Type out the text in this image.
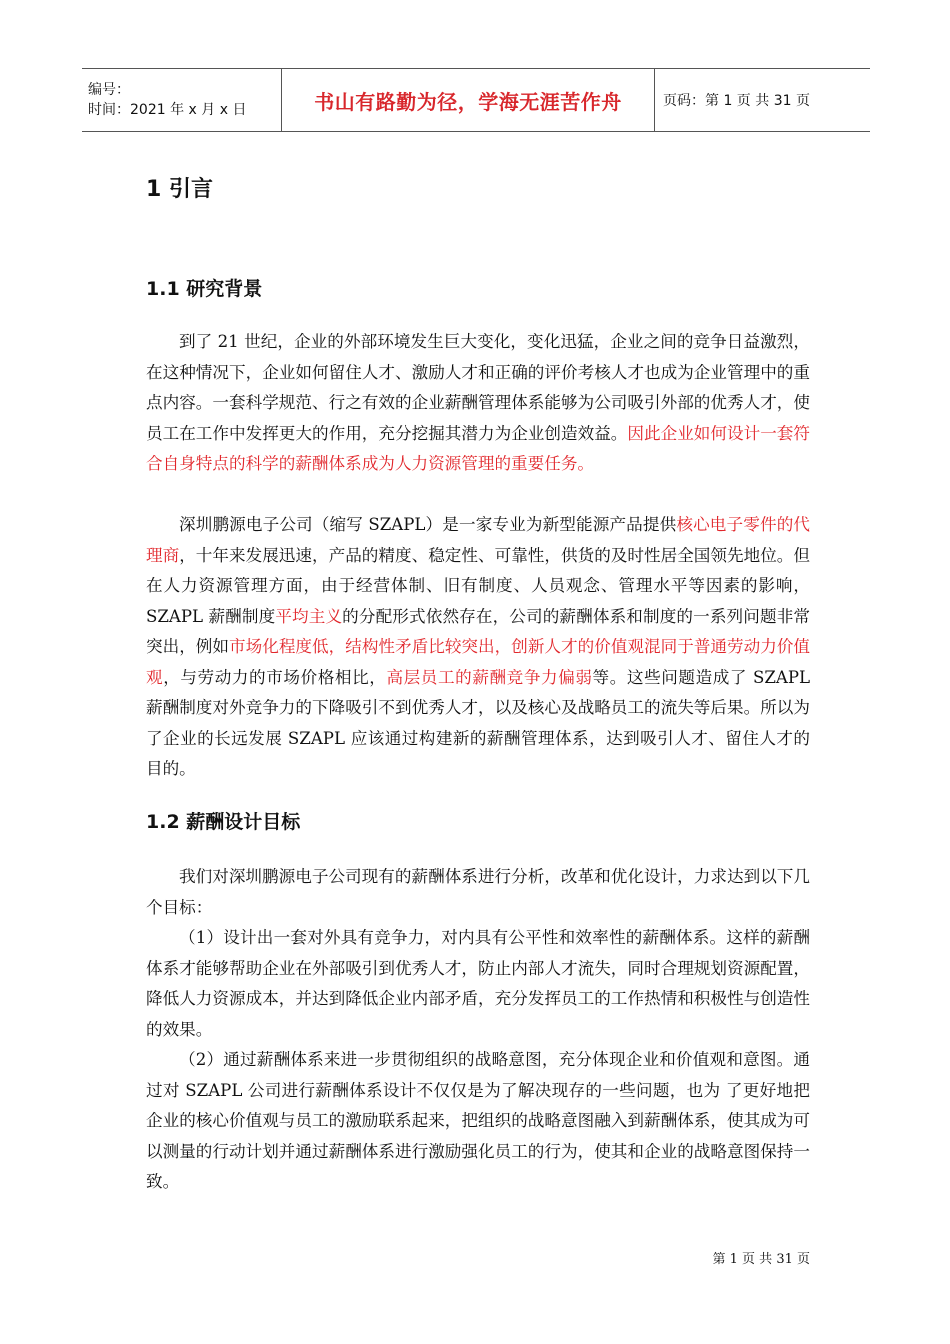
编号：
时间：2021 年 x 月 x 日	书山有路勤为径，学海无涯苦作舟	页码：第 1 页 共 31 页
1 引言
1.1 研究背景

到了 21 世纪，企业的外部环境发生巨大变化，变化迅猛，企业之间的竞争日益激烈，在这种情况下，企业如何留住人才、激励人才和正确的评价考核人才也成为企业管理中的重点内容。一套科学规范、行之有效的企业薪酬管理体系能够为公司吸引外部的优秀人才，使员工在工作中发挥更大的作用，充分挖掘其潜力为企业创造效益。因此企业如何设计一套符合自身特点的科学的薪酬体系成为人力资源管理的重要任务。

深圳鹏源电子公司（缩写 SZAPL）是一家专业为新型能源产品提供核心电子零件的代理商，十年来发展迅速，产品的精度、稳定性、可靠性，供货的及时性居全国领先地位。但在人力资源管理方面，由于经营体制、旧有制度、人员观念、管理水平等因素的影响，SZAPL 薪酬制度平均主义的分配形式依然存在，公司的薪酬体系和制度的一系列问题非常突出，例如市场化程度低，结构性矛盾比较突出，创新人才的价值观混同于普通劳动力价值观，与劳动力的市场价格相比，高层员工的薪酬竞争力偏弱等。这些问题造成了 SZAPL 薪酬制度对外竞争力的下降吸引不到优秀人才，以及核心及战略员工的流失等后果。所以为了企业的长远发展 SZAPL 应该通过构建新的薪酬管理体系，达到吸引人才、留住人才的目的。

1.2 薪酬设计目标

我们对深圳鹏源电子公司现有的薪酬体系进行分析，改革和优化设计，力求达到以下几个目标：

（1）设计出一套对外具有竞争力，对内具有公平性和效率性的薪酬体系。这样的薪酬体系才能够帮助企业在外部吸引到优秀人才，防止内部人才流失，同时合理规划资源配置，降低人力资源成本，并达到降低企业内部矛盾，充分发挥员工的工作热情和积极性与创造性的效果。

（2）通过薪酬体系来进一步贯彻组织的战略意图，充分体现企业和价值观和意图。通过对 SZAPL 公司进行薪酬体系设计不仅仅是为了解决现存的一些问题，也为 了更好地把企业的核心价值观与员工的激励联系起来，把组织的战略意图融入到薪酬体系，使其成为可以测量的行动计划并通过薪酬体系进行激励强化员工的行为，使其和企业的战略意图保持一致。

第 1 页 共 31 页
